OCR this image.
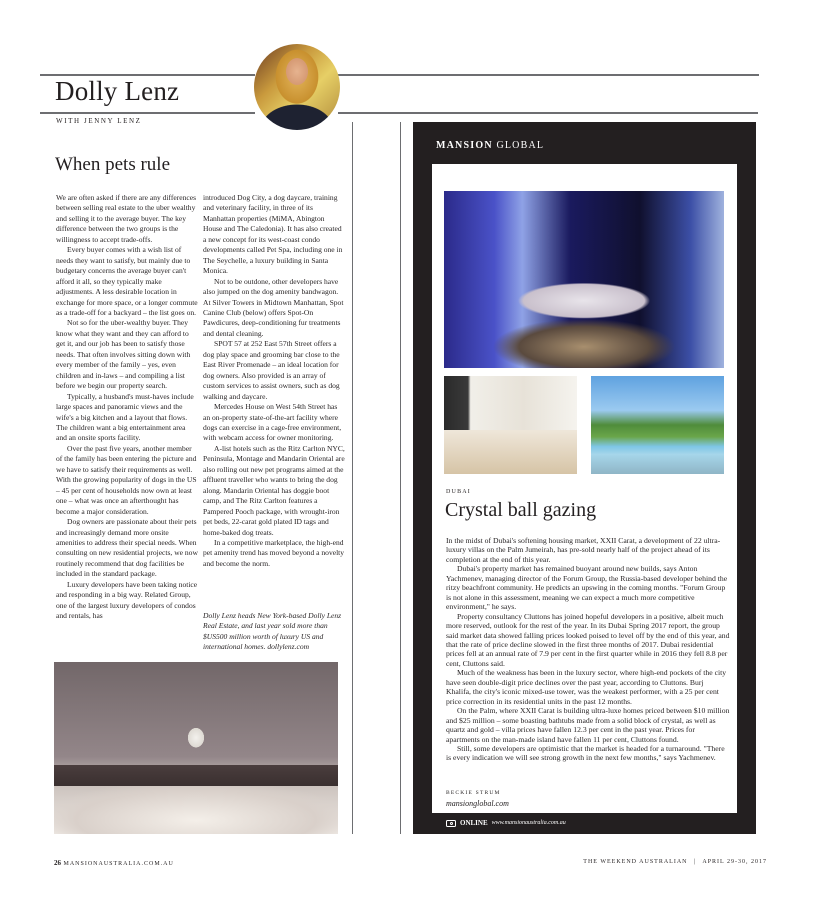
Dolly Lenz
WITH JENNY LENZ
When pets rule

We are often asked if there are any differences between selling real estate to the uber wealthy and selling it to the average buyer. The key difference between the two groups is the willingness to accept trade-offs.

Every buyer comes with a wish list of needs they want to satisfy, but mainly due to budgetary concerns the average buyer can't afford it all, so they typically make adjustments. A less desirable location in exchange for more space, or a longer commute as a trade-off for a backyard – the list goes on.

Not so for the uber-wealthy buyer. They know what they want and they can afford to get it, and our job has been to satisfy those needs. That often involves sitting down with every member of the family – yes, even children and in-laws – and compiling a list before we begin our property search.

Typically, a husband's must-haves include large spaces and panoramic views and the wife's a big kitchen and a layout that flows. The children want a big entertainment area and an onsite sports facility.

Over the past five years, another member of the family has been entering the picture and we have to satisfy their requirements as well. With the growing popularity of dogs in the US – 45 per cent of households now own at least one – what was once an afterthought has become a major consideration.

Dog owners are passionate about their pets and increasingly demand more onsite amenities to address their special needs. When consulting on new residential projects, we now routinely recommend that dog facilities be included in the standard package.

Luxury developers have been taking notice and responding in a big way. Related Group, one of the largest luxury developers of condos and rentals, has

introduced Dog City, a dog daycare, training and veterinary facility, in three of its Manhattan properties (MiMA, Abington House and The Caledonia). It has also created a new concept for its west-coast condo developments called Pet Spa, including one in The Seychelle, a luxury building in Santa Monica.

Not to be outdone, other developers have also jumped on the dog amenity bandwagon. At Silver Towers in Midtown Manhattan, Spot Canine Club (below) offers Spot-On Pawdicures, deep-conditioning fur treatments and dental cleaning.

SPOT 57 at 252 East 57th Street offers a dog play space and grooming bar close to the East River Promenade – an ideal location for dog owners. Also provided is an array of custom services to assist owners, such as dog walking and daycare.

Mercedes House on West 54th Street has an on-property state-of-the-art facility where dogs can exercise in a cage-free environment, with webcam access for owner monitoring.

A-list hotels such as the Ritz Carlton NYC, Peninsula, Montage and Mandarin Oriental are also rolling out new pet programs aimed at the affluent traveller who wants to bring the dog along. Mandarin Oriental has doggie boot camp, and The Ritz Carlton features a Pampered Pooch package, with wrought-iron pet beds, 22-carat gold plated ID tags and home-baked dog treats.

In a competitive marketplace, the high-end pet amenity trend has moved beyond a novelty and become the norm.

Dolly Lenz heads New York-based Dolly Lenz Real Estate, and last year sold more than $US500 million worth of luxury US and international homes. dollylenz.com
MANSION GLOBAL
DUBAI
Crystal ball gazing

In the midst of Dubai's softening housing market, XXII Carat, a development of 22 ultra-luxury villas on the Palm Jumeirah, has pre-sold nearly half of the project ahead of its completion at the end of this year.

Dubai's property market has remained buoyant around new builds, says Anton Yachmenev, managing director of the Forum Group, the Russia-based developer behind the ritzy beachfront community. He predicts an upswing in the coming months. "Forum Group is not alone in this assessment, meaning we can expect a much more competitive environment," he says.

Property consultancy Cluttons has joined hopeful developers in a positive, albeit much more reserved, outlook for the rest of the year. In its Dubai Spring 2017 report, the group said market data showed falling prices looked poised to level off by the end of this year, and that the rate of price decline slowed in the first three months of 2017. Dubai residential prices fell at an annual rate of 7.9 per cent in the first quarter while in 2016 they fell 8.8 per cent, Cluttons said.

Much of the weakness has been in the luxury sector, where high-end pockets of the city have seen double-digit price declines over the past year, according to Cluttons. Burj Khalifa, the city's iconic mixed-use tower, was the weakest performer, with a 25 per cent price correction in its residential units in the past 12 months.

On the Palm, where XXII Carat is building ultra-luxe homes priced between $10 million and $25 million – some boasting bathtubs made from a solid block of crystal, as well as quartz and gold – villa prices have fallen 12.3 per cent in the past year. Prices for apartments on the man-made island have fallen 11 per cent, Cluttons found.

Still, some developers are optimistic that the market is headed for a turnaround. "There is every indication we will see strong growth in the next few months," says Yachmenev.

BECKIE STRUM
mansionglobal.com
ONLINE www.mansionaustralia.com.au
26 MANSIONAUSTRALIA.COM.AU	THE WEEKEND AUSTRALIAN | APRIL 29-30, 2017
